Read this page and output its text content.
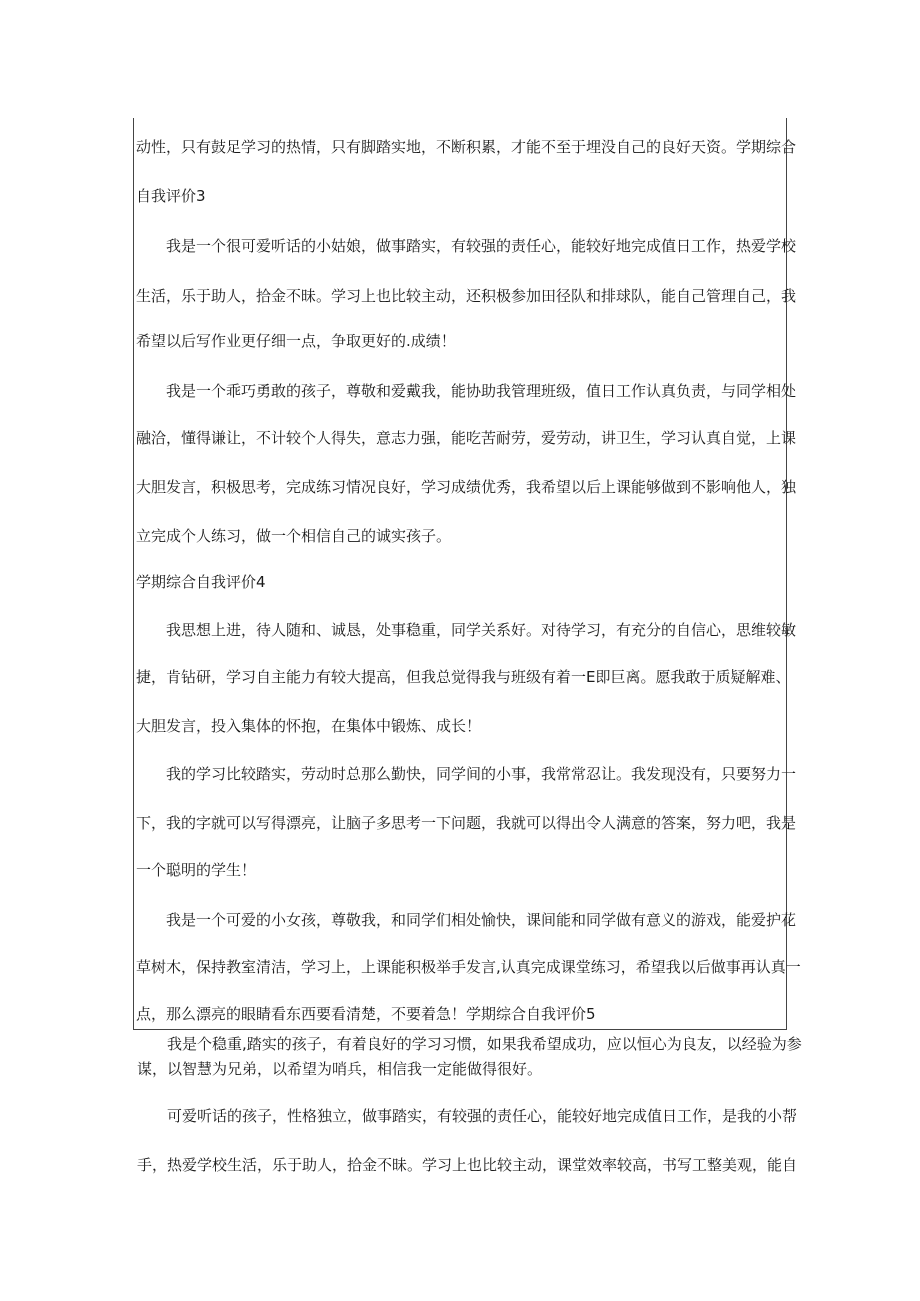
动性，只有鼓足学习的热情，只有脚踏实地，不断积累，才能不至于埋没自己的良好天资。学期综合
自我评价3
我是一个很可爱听话的小姑娘，做事踏实，有较强的责任心，能较好地完成值日工作，热爱学校
生活，乐于助人，拾金不昧。学习上也比较主动，还积极参加田径队和排球队，能自己管理自己，我
希望以后写作业更仔细一点，争取更好的.成绩！
我是一个乖巧勇敢的孩子，尊敬和爱戴我，能协助我管理班级，值日工作认真负责，与同学相处
融洽，懂得谦让，不计较个人得失，意志力强，能吃苦耐劳，爱劳动，讲卫生，学习认真自觉，上课
大胆发言，积极思考，完成练习情况良好，学习成绩优秀，我希望以后上课能够做到不影响他人，独
立完成个人练习，做一个相信自己的诚实孩子。
学期综合自我评价4
我思想上进，待人随和、诚恳，处事稳重，同学关系好。对待学习，有充分的自信心，思维较敏
捷，肯钻研，学习自主能力有较大提高，但我总觉得我与班级有着一E即巨离。愿我敢于质疑解难、
大胆发言，投入集体的怀抱，在集体中锻炼、成长！
我的学习比较踏实，劳动时总那么勤快，同学间的小事，我常常忍让。我发现没有，只要努力一
下，我的字就可以写得漂亮，让脑子多思考一下问题，我就可以得出令人满意的答案，努力吧，我是
一个聪明的学生！
我是一个可爱的小女孩，尊敬我，和同学们相处愉快，课间能和同学做有意义的游戏，能爱护花
草树木，保持教室清洁，学习上，上课能积极举手发言,认真完成课堂练习，希望我以后做事再认真一
点，那么漂亮的眼睛看东西要看清楚，不要着急！学期综合自我评价5
我是个稳重,踏实的孩子，有着良好的学习习惯，如果我希望成功，应以恒心为良友，以经验为参
谋，以智慧为兄弟，以希望为哨兵，相信我一定能做得很好。
可爱听话的孩子，性格独立，做事踏实，有较强的责任心，能较好地完成值日工作，是我的小帮
手，热爱学校生活，乐于助人，拾金不昧。学习上也比较主动，课堂效率较高，书写工整美观，能自
